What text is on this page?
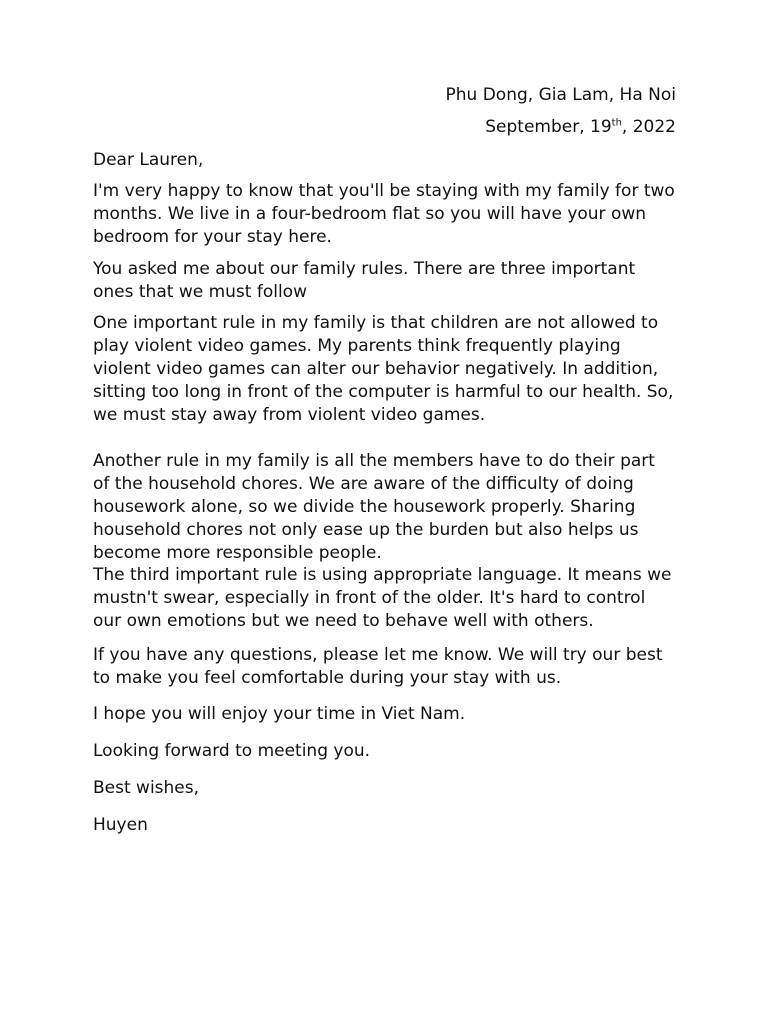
Phu Dong, Gia Lam, Ha Noi

September, 19th, 2022

Dear Lauren,

I'm very happy to know that you'll be staying with my family for two months. We live in a four-bedroom flat so you will have your own bedroom for your stay here.

You asked me about our family rules. There are three important ones that we must follow

One important rule in my family is that children are not allowed to play violent video games. My parents think frequently playing violent video games can alter our behavior negatively. In addition, sitting too long in front of the computer is harmful to our health. So, we must stay away from violent video games.

Another rule in my family is all the members have to do their part of the household chores. We are aware of the difficulty of doing housework alone, so we divide the housework properly. Sharing household chores not only ease up the burden but also helps us become more responsible people.

The third important rule is using appropriate language. It means we mustn't swear, especially in front of the older. It's hard to control our own emotions but we need to behave well with others.

If you have any questions, please let me know. We will try our best to make you feel comfortable during your stay with us.

I hope you will enjoy your time in Viet Nam.

Looking forward to meeting you.

Best wishes,

Huyen
